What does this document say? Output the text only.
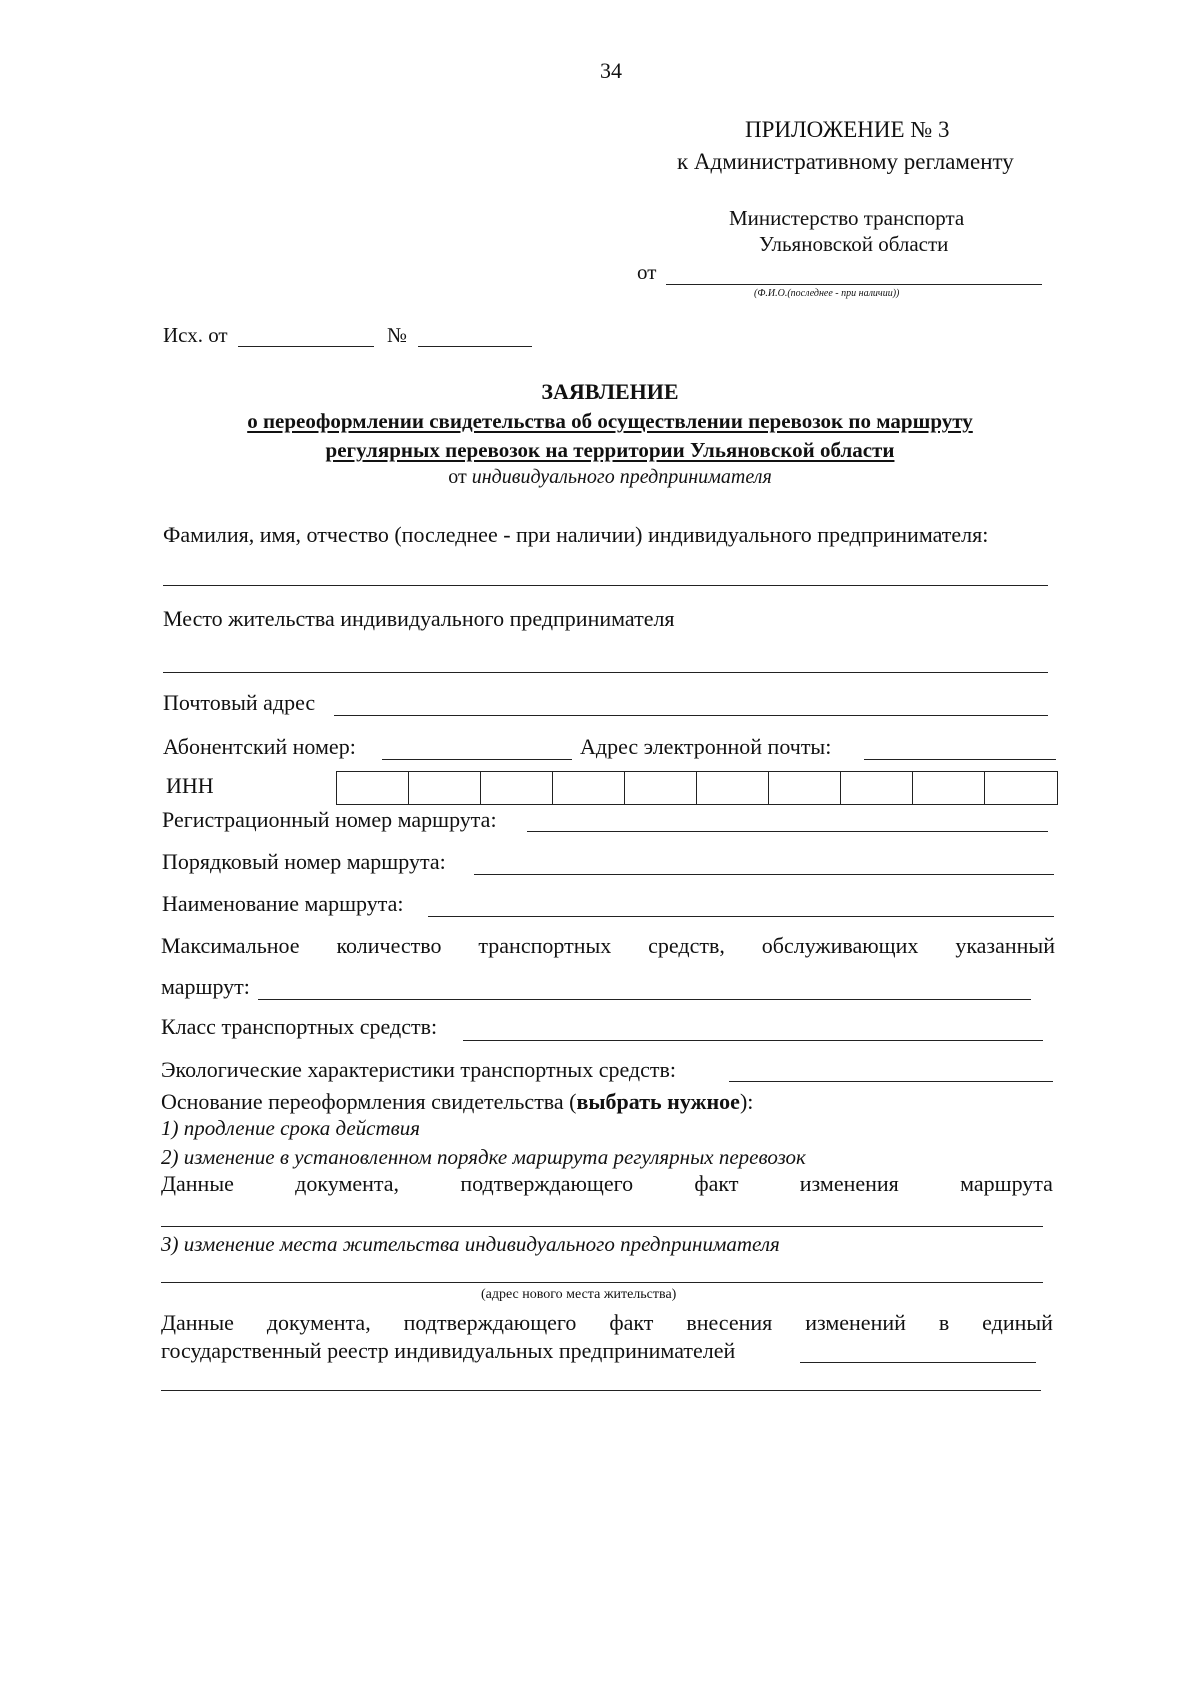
34
ПРИЛОЖЕНИЕ № 3
к Административному регламенту
Министерство транспорта
Ульяновской области
от
(Ф.И.О.(последнее - при наличии))
Исх. от	№
ЗАЯВЛЕНИЕ
о переоформлении свидетельства об осуществлении перевозок по маршруту
регулярных перевозок на территории Ульяновской области
от индивидуального предпринимателя
Фамилия, имя, отчество (последнее - при наличии) индивидуального предпринимателя:
Место жительства индивидуального предпринимателя
Почтовый адрес
Абонентский номер:	Адрес электронной почты:
ИНН
Регистрационный номер маршрута:
Порядковый номер маршрута:
Наименование маршрута:
Максимальное количество транспортных средств, обслуживающих указанный
маршрут:
Класс транспортных средств:
Экологические характеристики транспортных средств:
Основание переоформления свидетельства (выбрать нужное):
1) продление срока действия
2) изменение в установленном порядке маршрута регулярных перевозок
Данные	документа,	подтверждающего	факт	изменения	маршрута
3) изменение места жительства индивидуального предпринимателя
(адрес нового места жительства)
Данные документа, подтверждающего факт внесения изменений в единый
государственный реестр индивидуальных предпринимателей
